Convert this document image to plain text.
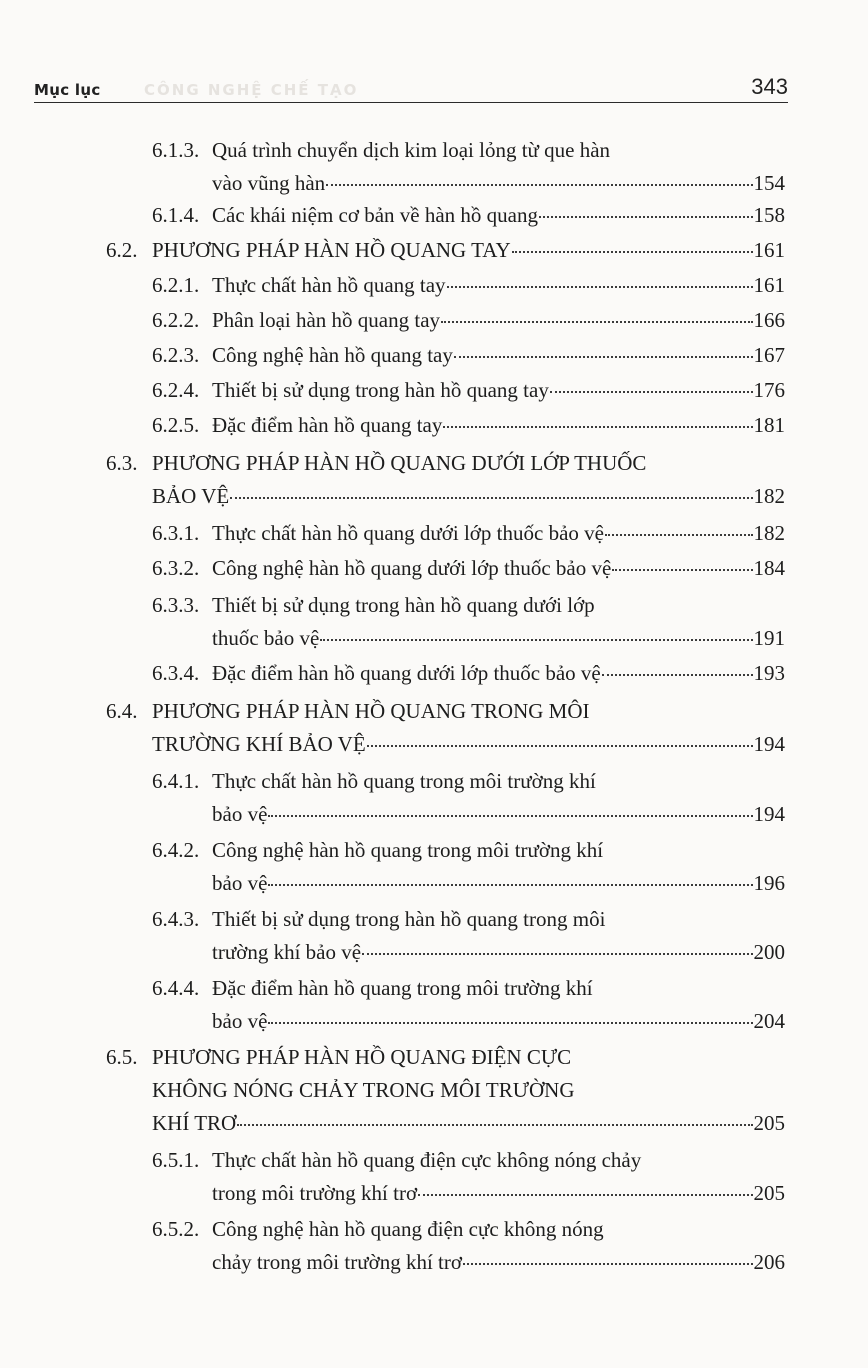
Mục lục	CÔNG NGHỆ CHẾ TẠO	343
6.1.3. Quá trình chuyển dịch kim loại lỏng từ que hàn
vào vũng hàn	154
6.1.4. Các khái niệm cơ bản về hàn hồ quang	158
6.2. PHƯƠNG PHÁP HÀN HỒ QUANG TAY	161
6.2.1. Thực chất hàn hồ quang tay	161
6.2.2. Phân loại hàn hồ quang tay	166
6.2.3. Công nghệ hàn hồ quang tay	167
6.2.4. Thiết bị sử dụng trong hàn hồ quang tay	176
6.2.5. Đặc điểm hàn hồ quang tay	181
6.3. PHƯƠNG PHÁP HÀN HỒ QUANG DƯỚI LỚP THUỐC
BẢO VỆ	182
6.3.1. Thực chất hàn hồ quang dưới lớp thuốc bảo vệ	182
6.3.2. Công nghệ hàn hồ quang dưới lớp thuốc bảo vệ	184
6.3.3. Thiết bị sử dụng trong hàn hồ quang dưới lớp
thuốc bảo vệ	191
6.3.4. Đặc điểm hàn hồ quang dưới lớp thuốc bảo vệ	193
6.4. PHƯƠNG PHÁP HÀN HỒ QUANG TRONG MÔI
TRƯỜNG KHÍ BẢO VỆ	194
6.4.1. Thực chất hàn hồ quang trong môi trường khí
bảo vệ	194
6.4.2. Công nghệ hàn hồ quang trong môi trường khí
bảo vệ	196
6.4.3. Thiết bị sử dụng trong hàn hồ quang trong môi
trường khí bảo vệ	200
6.4.4. Đặc điểm hàn hồ quang trong môi trường khí
bảo vệ	204
6.5. PHƯƠNG PHÁP HÀN HỒ QUANG ĐIỆN CỰC
KHÔNG NÓNG CHẢY TRONG MÔI TRƯỜNG
KHÍ TRƠ	205
6.5.1. Thực chất hàn hồ quang điện cực không nóng chảy
trong môi trường khí trơ	205
6.5.2. Công nghệ hàn hồ quang điện cực không nóng
chảy trong môi trường khí trơ	206
